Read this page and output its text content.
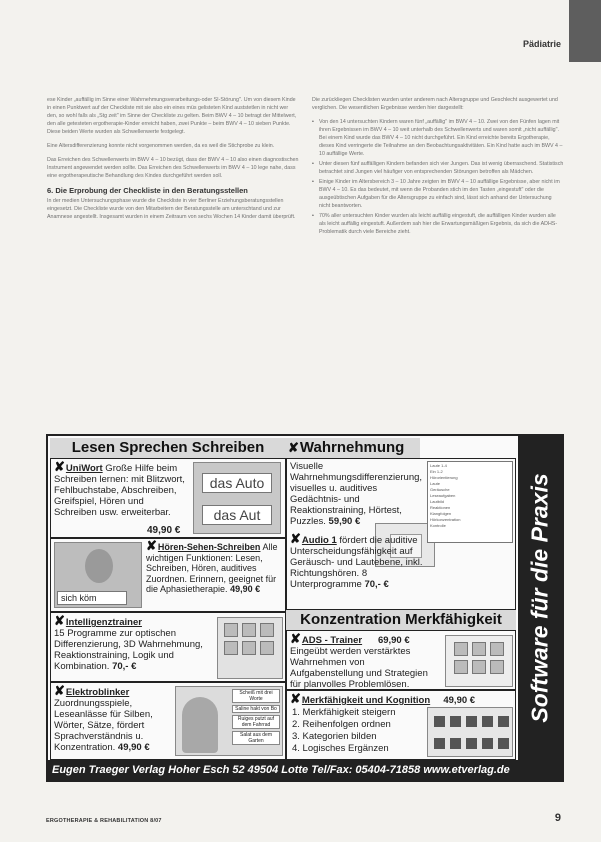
Pädiatrie

ese Kinder „auffällig im Sinne einer Wahrnehmungsverarbeitungs-oder SI-Störung". Um von diesem Kinde in einen Punktwert auf der Checkliste mit sie also ein eines müs gelisteten Kind auststetlen in nicht wer den, so wohl falls als „Stg zeit" im Sinne der Checkliste zu gelten. Beim BWV 4 – 10 betragt der Mittelwert, den alle getesteten ergotherapie-Kinder erreicht haben, zwei Punkte – beim BWV 4 – 10 sieben Punkte. Diese beiden Werte wurden als Schwellenwerte festgelegt.

Eine Altersdifferenzierung konnte nicht vorgenommen werden, da es weil die Stichprobe zu klein.

Das Erreichen des Schwellenwerts im BWV 4 – 10 bezügt, dass der BWV 4 – 10 also einen diagnostischen Instrument angewendet werden sollte. Das Erreichen des Schwellenwerts im BWV 4 – 10 lege nahe, dass eine ergotherapeutische Behandlung des Kindes durchgeführt werden soll.

6. Die Erprobung der Checkliste in den Beratungsstellen

In der medien Untersuchungsphase wurde die Checkliste in vier Berliner Erziehungsberatungsstellen eingesetzt. Die Checkliste wurde von den Mitarbeitern der Beratungsstelle am unterschtand und zur Anamnese angestellt. Insgesamt wurden in einem Zeitraum von sechs Wochen 14 Kinder damit überprüft.

Die zurückliegen Checklisten wurden unter anderem nach Altersgruppe und Geschlecht ausgewertet und verglichen. Die wesentlichen Ergebnisse werden hier dargestellt:

• Von den 14 untersuchten Kindern waren fünf „auffällig" im BWV 4 – 10. Zwei von den Fünfen lagen mit ihren Ergebnissen im BWV 4 – 10 weit unterhalb des Schwellenwerts und waren somit „nicht auffällig". Bei einem Kind wurde das BWV 4 – 10 nicht durchgeführt. Ein Kind erreichte bereits Ergotherapie, dieses Kind verringerte die Teilnahme an den Beobachtungsaktivitäten. Ein Kind hatte auch im BWV 4 – 10 auffällige Werte.
• Unter diesen fünf auffälligen Kindern befanden sich vier Jungen. Das ist wenig überraschend. Statistisch betrachtet sind Jungen viel häufiger von entsprechenden Störungen betroffen als Mädchen.
• Einige Kinder im Altersbereich 3 – 10 Jahre zeigten im BWV 4 – 10 auffällige Ergebnisse, aber nicht im BWV 4 – 10. Es das bedeutet, mit wenn die Probanden stich im den Tasten „eingestuft" oder die ausgeübtischen Aufgaben für die Altersgruppe zu einfach sind, lässt sich anhand der Untersuchung nicht beantworten.
• 70% aller untersuchten Kinder wurden als leicht auffällig eingestuft, die auffälligen Kinder wurden alle als leicht auffällig eingestuft. Außerdem sah hier die Erwartungsmäßigen Ergebnis, da sich die ADHS-Problematik durch viele Bereiche zieht.
Lesen Sprechen Schreiben
✘UniWort Große Hilfe beim Schreiben lernen: mit Blitzwort, Fehlbuchstabe, Abschreiben, Greifspiel, Hören und Schreiben usw. erweiterbar.
49,90 €
das Auto
das Aut
sich köm
✘Hören-Sehen-Schreiben Alle wichtigen Funktionen: Lesen, Schreiben, Hören, auditives Zuordnen. Erinnern, geeignet für die Aphasietherapie. 49,90 €
✘Intelligenztrainer
15 Programme zur optischen Differenzierung, 3D Wahrnehmung, Reaktionstraining, Logik und Kombination. 70,- €
✘Elektroblinker
Zuordnungsspiele, Leseanlässe für Silben, Wörter, Sätze, fördert Sprachverständnis u. Konzentration. 49,90 €
Scheiß mit drei Worte
Saline hakt von Bo
Ruiges putzt auf dem Fahrrad
Salat aus dem Garten
✘Wahrnehmung
Visuelle Wahrnehmungsdifferenzierung, visuelles u. auditives Gedächtnis- und Reaktionstraining, Hörtest, Puzzles. 59,90 €
Laute 1-4
Ein 1-2
Hörorientierung
Laute
Geräusche
Leseaufgaben
Lautbild
Reaktionen
Klangfolgen
Hörkonzentration
Kontrolle
✘Audio 1 fördert die auditive Unterscheidungsfähigkeit auf Geräusch- und Lautebene, inkl. Richtungshören. 8 Unterprogramme 70,- €
Konzentration Merkfähigkeit
✘ADS - Trainer 69,90 €
Eingeübt werden verstärktes Wahrnehmen von Aufgabenstellung und Strategien für planvolles Problemlösen.
✘Merkfähigkeit und Kognition 49,90 €
1. Merkfähigkeit steigern
2. Reihenfolgen ordnen
3. Kategorien bilden
4. Logisches Ergänzen
Software für die Praxis
Eugen Traeger Verlag Hoher Esch 52 49504 Lotte Tel/Fax: 05404-71858 www.etverlag.de
ERGOTHERAPIE & REHABILITATION 8/07	9
